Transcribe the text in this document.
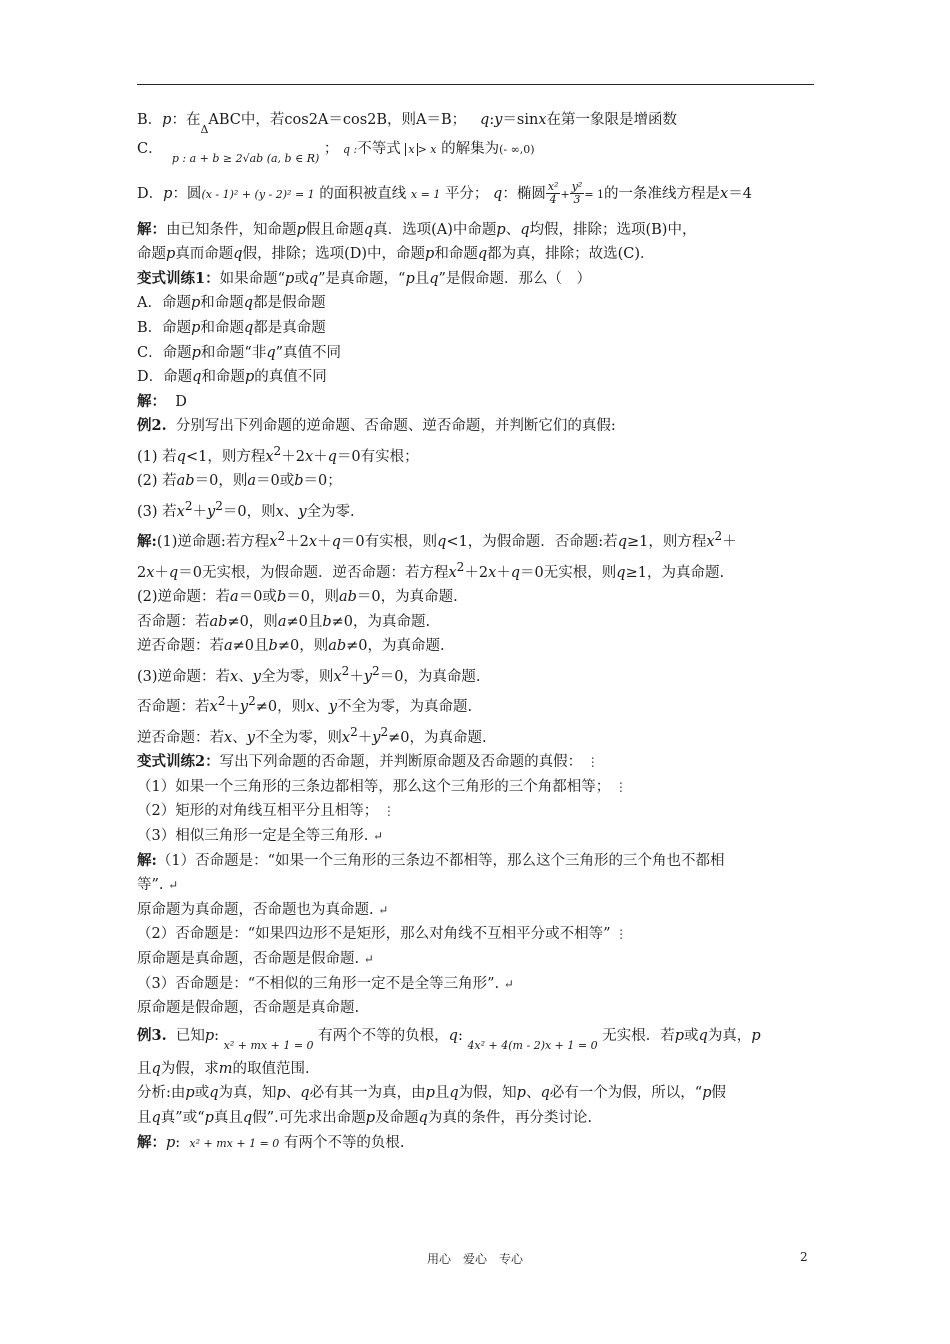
B．p：在$_\Delta$ABC中，若cos2A＝cos2B，则A＝B； q:y＝sinx在第一象限是增函数
C．  $_{p : a + b \ge 2√ab (a, b \in R)}$ ； q :不等式 x > x 的解集为(- ∞,0)
D．p：圆(x - 1)² + (y - 2)² = 1 的面积被直线 x = 1 平分； q：椭圆 $\frac{\text{x²}}{4} + \frac{\text{y²}}{3} = 1$的一条准线方程是x＝4
解：由已知条件，知命题p假且命题q真．选项(A)中命题p、q均假，排除；选项(B)中，
命题p真而命题q假，排除；选项(D)中，命题p和命题q都为真，排除；故选(C)．
变式训练1：如果命题“p或q”是真命题，“p且q”是假命题．那么（　）
A．命题p和命题q都是假命题
B．命题p和命题q都是真命题
C．命题p和命题“非q”真值不同
D．命题q和命题p的真值不同
解： D
例2. 分别写出下列命题的逆命题、否命题、逆否命题，并判断它们的真假:
(1) 若q<1，则方程$x^2+2x+q=0$有实根；
(2) 若ab＝0，则a＝0或b＝0；
(3) 若$x^2+y^2=0$，则x、y全为零.
解:(1)逆命题:若方程$x^2+2x+q=0$有实根，则q<1，为假命题．否命题:若q≥1，则方程$x^2+$
2x＋q＝0无实根，为假命题．逆否命题：若方程$x^2+2x+q=0$无实根，则q≥1，为真命题.
(2)逆命题：若a＝0或b＝0，则ab＝0，为真命题.
否命题：若ab≠0，则a≠0且b≠0，为真命题.
逆否命题：若a≠0且b≠0，则ab≠0，为真命题.
(3)逆命题：若x、y全为零，则$x^2+y^2=0$，为真命题.
否命题：若$x^2+y^2\ne 0$，则x、y不全为零，为真命题.
逆否命题：若x、y不全为零，则$x^2+y^2\ne 0$，为真命题.
变式训练2：写出下列命题的否命题，并判断原命题及否命题的真假： ⋮
（1）如果一个三角形的三条边都相等，那么这个三角形的三个角都相等； ⋮
（2）矩形的对角线互相平分且相等； ⋮
（3）相似三角形一定是全等三角形. ↵
解:（1）否命题是：“如果一个三角形的三条边不都相等，那么这个三角形的三个角也不都相
等”. ↵
原命题为真命题，否命题也为真命题. ↵
（2）否命题是：“如果四边形不是矩形，那么对角线不互相平分或不相等” ⋮
原命题是真命题，否命题是假命题. ↵
（3）否命题是：“不相似的三角形一定不是全等三角形”. ↵
原命题是假命题，否命题是真命题.
例3. 已知p: $_{x^2 + mx + 1 = 0}$ 有两个不等的负根，q: $_{4x^2 + 4(m - 2)x + 1 = 0}$ 无实根．若p或q为真，p
且q为假，求m的取值范围.
分析:由p或q为真，知p、q必有其一为真，由p且q为假，知p、q必有一个为假，所以，“p假
且q真”或“p真且q假”.可先求出命题p及命题q为真的条件，再分类讨论.
解：p: x² + mx + 1 = 0 有两个不等的负根.
用心　爱心　专心	2
